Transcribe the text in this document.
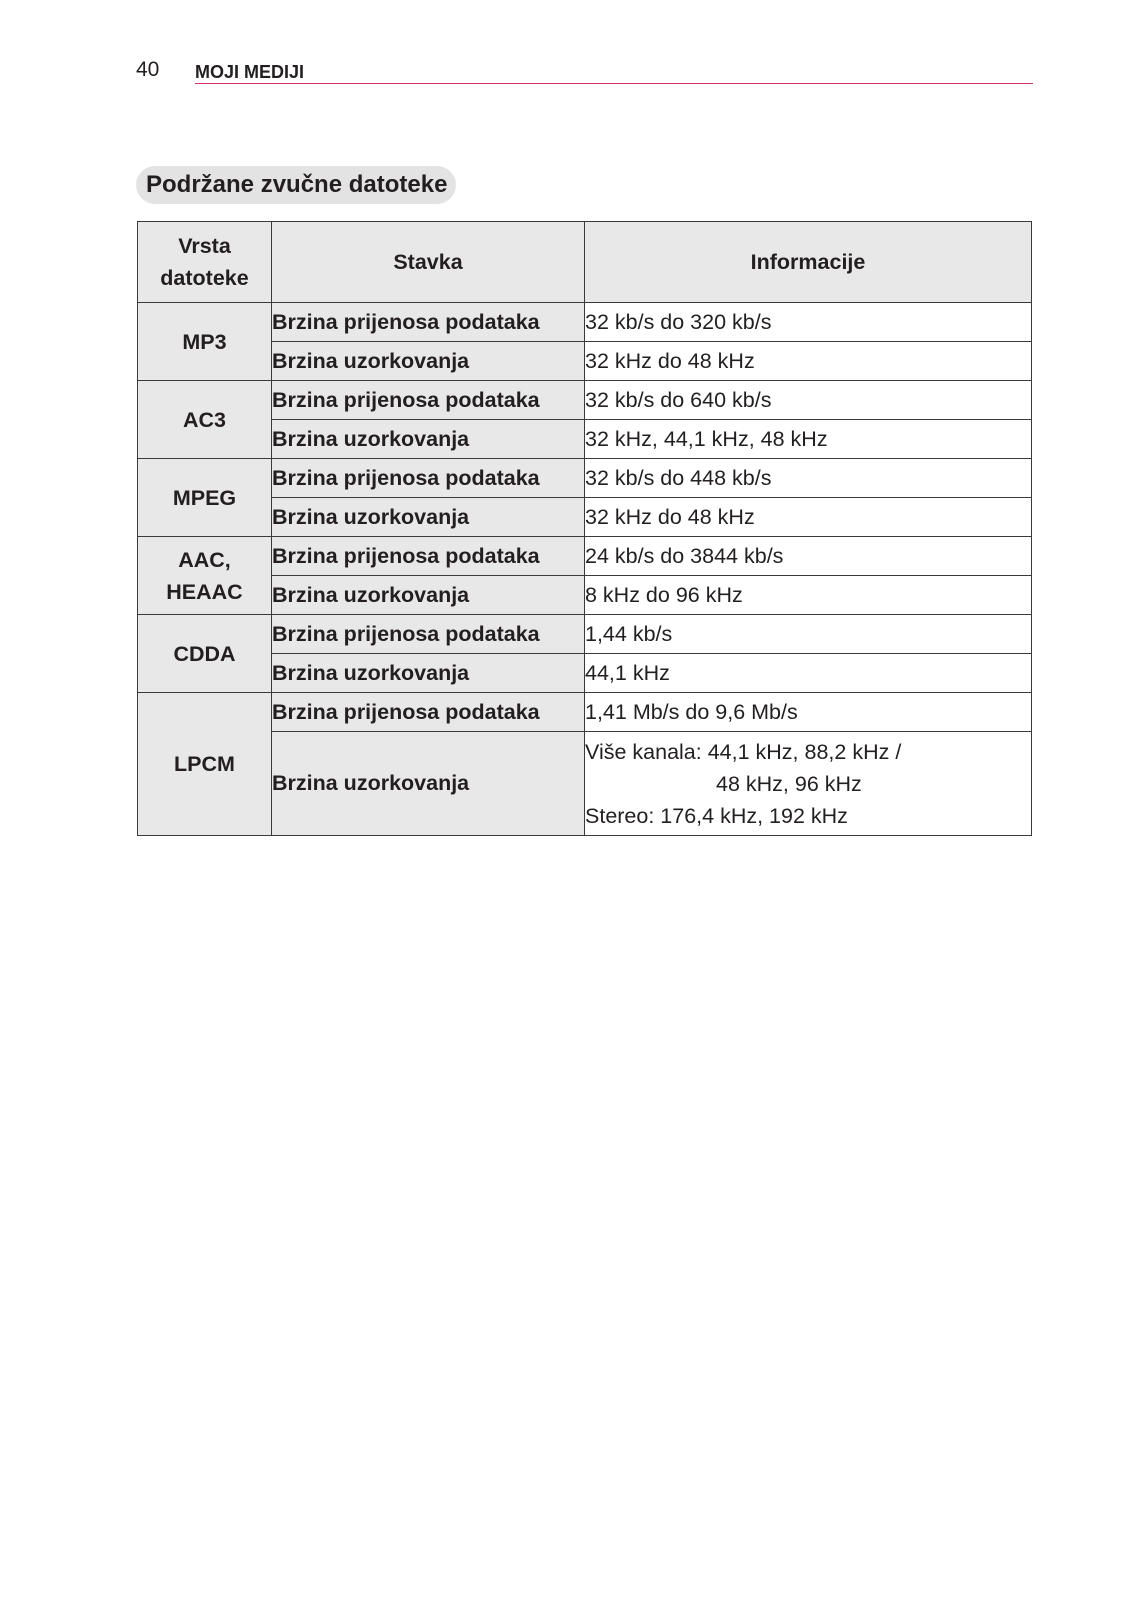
40 MOJI MEDIJI
Podržane zvučne datoteke
Vrsta
datoteke	Stavka	Informacije
MP3	Brzina prijenosa podataka	32 kb/s do 320 kb/s
	Brzina uzorkovanja	32 kHz do 48 kHz
AC3	Brzina prijenosa podataka	32 kb/s do 640 kb/s
	Brzina uzorkovanja	32 kHz, 44,1 kHz, 48 kHz
MPEG	Brzina prijenosa podataka	32 kb/s do 448 kb/s
	Brzina uzorkovanja	32 kHz do 48 kHz

AAC,
HEAAC	Brzina prijenosa podataka	24 kb/s do 3844 kb/s
	Brzina uzorkovanja	8 kHz do 96 kHz
CDDA	Brzina prijenosa podataka	1,44 kb/s
	Brzina uzorkovanja	44,1 kHz
LPCM	Brzina prijenosa podataka	1,41 Mb/s do 9,6 Mb/s
	Brzina uzorkovanja	Više kanala: 44,1 kHz, 88,2 kHz /
48 kHz, 96 kHz
Stereo: 176,4 kHz, 192 kHz
